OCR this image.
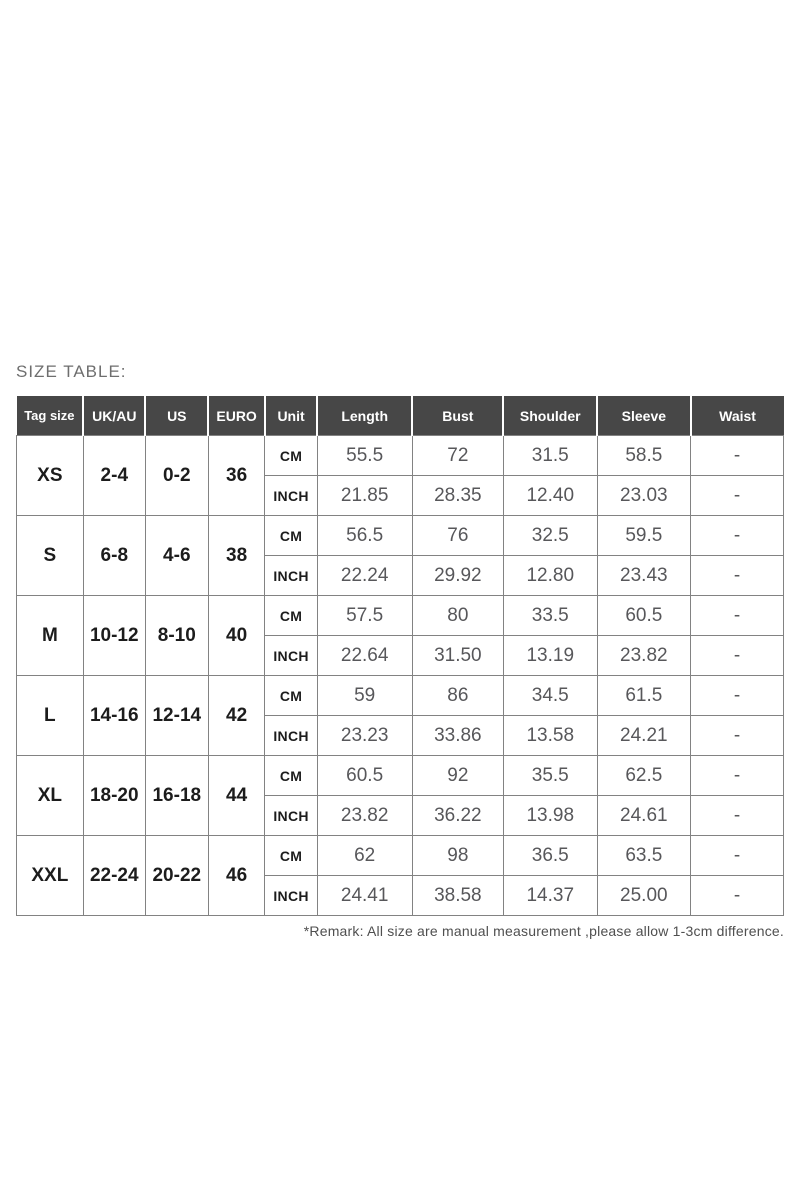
SIZE TABLE:
Tag size	UK/AU	US	EURO	Unit	Length	Bust	Shoulder	Sleeve	Waist
XS	2-4	0-2	36	CM	55.5	72	31.5	58.5	-
				INCH	21.85	28.35	12.40	23.03	-
S	6-8	4-6	38	CM	56.5	76	32.5	59.5	-
				INCH	22.24	29.92	12.80	23.43	-
M	10-12	8-10	40	CM	57.5	80	33.5	60.5	-
				INCH	22.64	31.50	13.19	23.82	-
L	14-16	12-14	42	CM	59	86	34.5	61.5	-
				INCH	23.23	33.86	13.58	24.21	-
XL	18-20	16-18	44	CM	60.5	92	35.5	62.5	-
				INCH	23.82	36.22	13.98	24.61	-
XXL	22-24	20-22	46	CM	62	98	36.5	63.5	-
				INCH	24.41	38.58	14.37	25.00	-
*Remark: All size are manual measurement ,please allow 1-3cm difference.
